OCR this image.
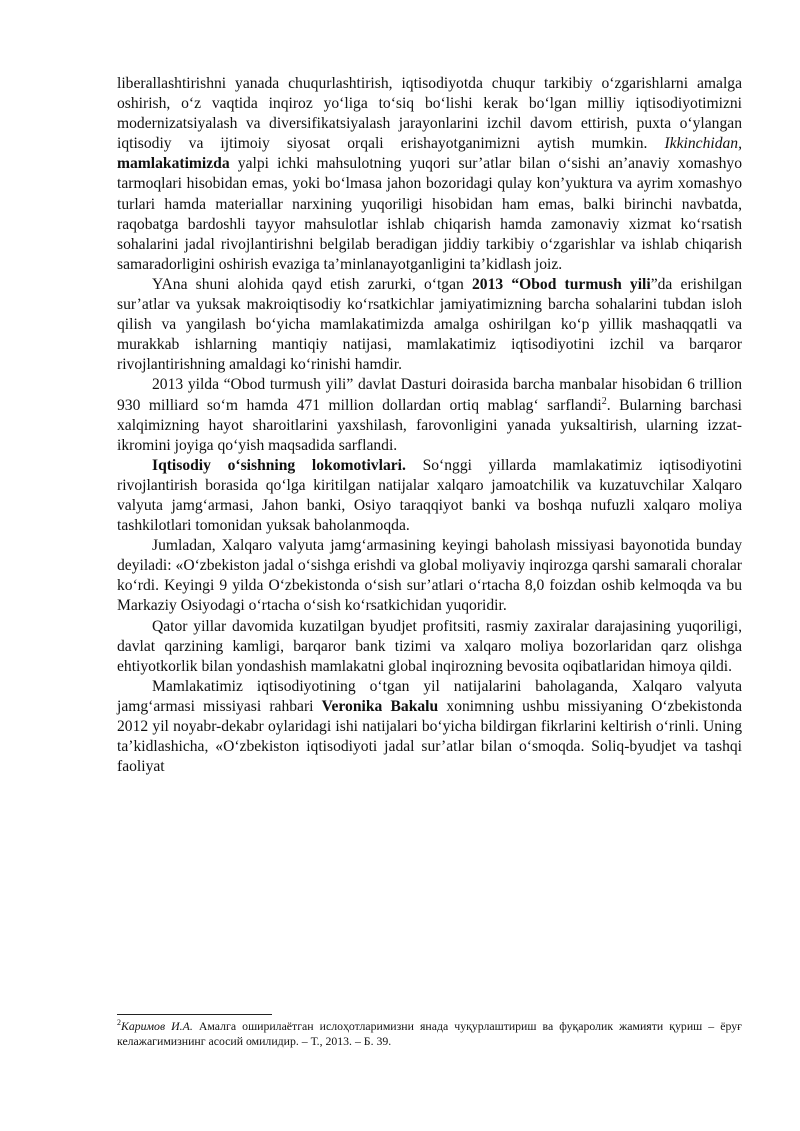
liberallashtirishni yanada chuqurlashtirish, iqtisodiyotda chuqur tarkibiy o‘zgarishlarni amalga oshirish, o‘z vaqtida inqiroz yo‘liga to‘siq bo‘lishi kerak bo‘lgan milliy iqtisodiyotimizni modernizatsiyalash va diversifikatsiyalash jarayonlarini izchil davom ettirish, puxta o‘ylangan iqtisodiy va ijtimoiy siyosat orqali erishayotganimizni aytish mumkin. Ikkinchidan, mamlakatimizda yalpi ichki mahsulotning yuqori sur’atlar bilan o‘sishi an’anaviy xomashyo tarmoqlari hisobidan emas, yoki bo‘lmasa jahon bozoridagi qulay kon’yuktura va ayrim xomashyo turlari hamda materiallar narxining yuqoriligi hisobidan ham emas, balki birinchi navbatda, raqobatga bardoshli tayyor mahsulotlar ishlab chiqarish hamda zamonaviy xizmat ko‘rsatish sohalarini jadal rivojlantirishni belgilab beradigan jiddiy tarkibiy o‘zgarishlar va ishlab chiqarish samaradorligini oshirish evaziga ta’minlanayotganligini ta’kidlash joiz.

YAna shuni alohida qayd etish zarurki, o‘tgan 2013 “Obod turmush yili”da erishilgan sur’atlar va yuksak makroiqtisodiy ko‘rsatkichlar jamiyatimizning barcha sohalarini tubdan isloh qilish va yangilash bo‘yicha mamlakatimizda amalga oshirilgan ko‘p yillik mashaqqatli va murakkab ishlarning mantiqiy natijasi, mamlakatimiz iqtisodiyotini izchil va barqaror rivojlantirishning amaldagi ko‘rinishi hamdir.

2013 yilda “Obod turmush yili” davlat Dasturi doirasida barcha manbalar hisobidan 6 trillion 930 milliard so‘m hamda 471 million dollardan ortiq mablag‘ sarflandi$^2$. Bularning barchasi xalqimizning hayot sharoitlarini yaxshilash, farovonligini yanada yuksaltirish, ularning izzat-ikromini joyiga qo‘yish maqsadida sarflandi.

Iqtisodiy o‘sishning lokomotivlari. So‘nggi yillarda mamlakatimiz iqtisodiyotini rivojlantirish borasida qo‘lga kiritilgan natijalar xalqaro jamoatchilik va kuzatuvchilar Xalqaro valyuta jamg‘armasi, Jahon banki, Osiyo taraqqiyot banki va boshqa nufuzli xalqaro moliya tashkilotlari tomonidan yuksak baholanmoqda.

Jumladan, Xalqaro valyuta jamg‘armasining keyingi baholash missiyasi bayonotida bunday deyiladi: «O‘zbekiston jadal o‘sishga erishdi va global moliyaviy inqirozga qarshi samarali choralar ko‘rdi. Keyingi 9 yilda O‘zbekistonda o‘sish sur’atlari o‘rtacha 8,0 foizdan oshib kelmoqda va bu Markaziy Osiyodagi o‘rtacha o‘sish ko‘rsatkichidan yuqoridir.

Qator yillar davomida kuzatilgan byudjet profitsiti, rasmiy zaxiralar darajasining yuqoriligi, davlat qarzining kamligi, barqaror bank tizimi va xalqaro moliya bozorlaridan qarz olishga ehtiyotkorlik bilan yondashish mamlakatni global inqirozning bevosita oqibatlaridan himoya qildi.

Mamlakatimiz iqtisodiyotining o‘tgan yil natijalarini baholaganda, Xalqaro valyuta jamg‘armasi missiyasi rahbari Veronika Bakalu xonimning ushbu missiyaning O‘zbekistonda 2012 yil noyabr-dekabr oylaridagi ishi natijalari bo‘yicha bildirgan fikrlarini keltirish o‘rinli. Uning ta’kidlashicha, «O‘zbekiston iqtisodiyoti jadal sur’atlar bilan o‘smoqda. Soliq-byudjet va tashqi faoliyat

$^2$Каримов И.А. Амалга оширилаётган ислоҳотларимизни янада чуқурлаштириш ва фуқаролик жамияти қуриш – ёруғ келажагимизнинг асосий омилидир. – Т., 2013. – Б. 39.
